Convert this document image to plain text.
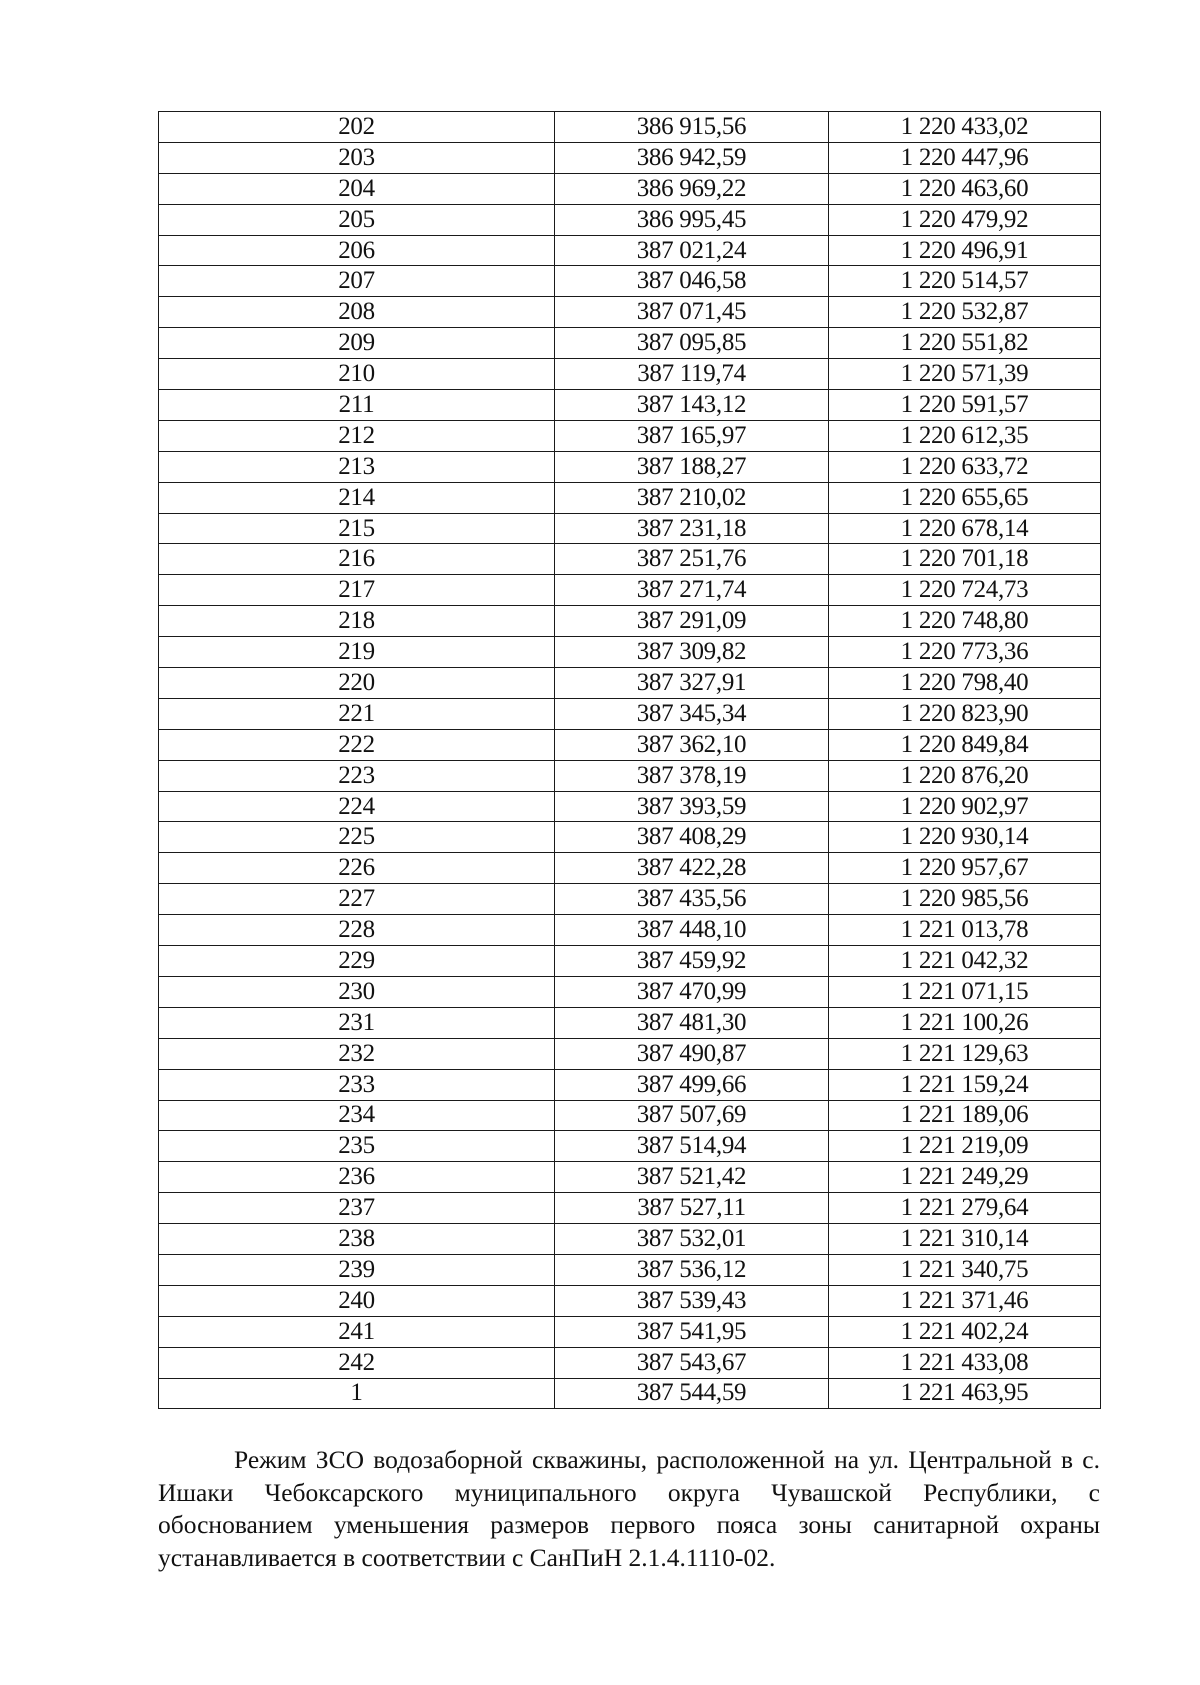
202	386 915,56	1 220 433,02
203	386 942,59	1 220 447,96
204	386 969,22	1 220 463,60
205	386 995,45	1 220 479,92
206	387 021,24	1 220 496,91
207	387 046,58	1 220 514,57
208	387 071,45	1 220 532,87
209	387 095,85	1 220 551,82
210	387 119,74	1 220 571,39
211	387 143,12	1 220 591,57
212	387 165,97	1 220 612,35
213	387 188,27	1 220 633,72
214	387 210,02	1 220 655,65
215	387 231,18	1 220 678,14
216	387 251,76	1 220 701,18
217	387 271,74	1 220 724,73
218	387 291,09	1 220 748,80
219	387 309,82	1 220 773,36
220	387 327,91	1 220 798,40
221	387 345,34	1 220 823,90
222	387 362,10	1 220 849,84
223	387 378,19	1 220 876,20
224	387 393,59	1 220 902,97
225	387 408,29	1 220 930,14
226	387 422,28	1 220 957,67
227	387 435,56	1 220 985,56
228	387 448,10	1 221 013,78
229	387 459,92	1 221 042,32
230	387 470,99	1 221 071,15
231	387 481,30	1 221 100,26
232	387 490,87	1 221 129,63
233	387 499,66	1 221 159,24
234	387 507,69	1 221 189,06
235	387 514,94	1 221 219,09
236	387 521,42	1 221 249,29
237	387 527,11	1 221 279,64
238	387 532,01	1 221 310,14
239	387 536,12	1 221 340,75
240	387 539,43	1 221 371,46
241	387 541,95	1 221 402,24
242	387 543,67	1 221 433,08
1	387 544,59	1 221 463,95

Режим ЗСО водозаборной скважины, расположенной на ул. Центральной в с. Ишаки Чебоксарского муниципального округа Чувашской Республики, с обоснованием уменьшения размеров первого пояса зоны санитарной охраны устанавливается в соответствии с СанПиН 2.1.4.1110-02.
